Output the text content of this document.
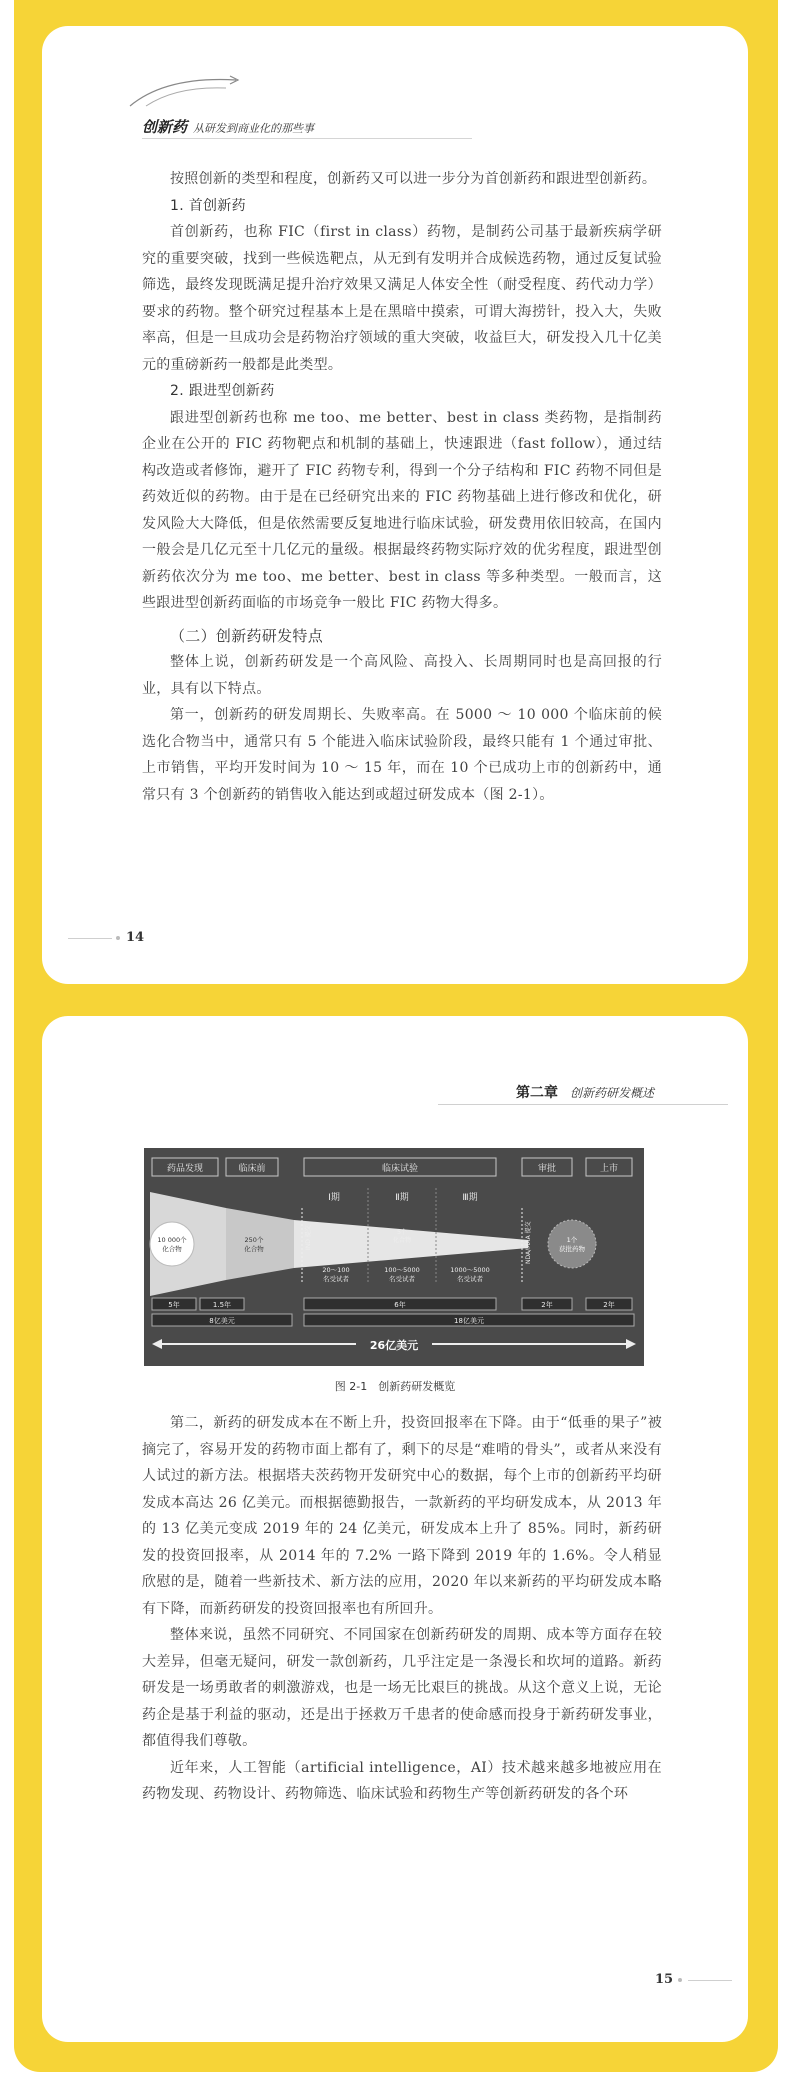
创新药 从研发到商业化的那些事

按照创新的类型和程度，创新药又可以进一步分为首创新药和跟进型创新药。

1. 首创新药

首创新药，也称 FIC（first in class）药物，是制药公司基于最新疾病学研究的重要突破，找到一些候选靶点，从无到有发明并合成候选药物，通过反复试验筛选，最终发现既满足提升治疗效果又满足人体安全性（耐受程度、药代动力学）要求的药物。整个研究过程基本上是在黑暗中摸索，可谓大海捞针，投入大，失败率高，但是一旦成功会是药物治疗领域的重大突破，收益巨大，研发投入几十亿美元的重磅新药一般都是此类型。

2. 跟进型创新药

跟进型创新药也称 me too、me better、best in class 类药物，是指制药企业在公开的 FIC 药物靶点和机制的基础上，快速跟进（fast follow），通过结构改造或者修饰，避开了 FIC 药物专利，得到一个分子结构和 FIC 药物不同但是药效近似的药物。由于是在已经研究出来的 FIC 药物基础上进行修改和优化，研发风险大大降低，但是依然需要反复地进行临床试验，研发费用依旧较高，在国内一般会是几亿元至十几亿元的量级。根据最终药物实际疗效的优劣程度，跟进型创新药依次分为 me too、me better、best in class 等多种类型。一般而言，这些跟进型创新药面临的市场竞争一般比 FIC 药物大得多。

（二）创新药研发特点

整体上说，创新药研发是一个高风险、高投入、长周期同时也是高回报的行业，具有以下特点。

第一，创新药的研发周期长、失败率高。在 5000 ～ 10 000 个临床前的候选化合物当中，通常只有 5 个能进入临床试验阶段，最终只能有 1 个通过审批、上市销售，平均开发时间为 10 ～ 15 年，而在 10 个已成功上市的创新药中，通常只有 3 个创新药的销售收入能达到或超过研发成本（图 2-1）。

14
第二章 创新药研发概述
药品发现	临床前	临床试验	审批	上市
10 000个
化合物
250个
化合物	IND 提交	NDA/MAA 提交
Ⅰ期	Ⅱ期	Ⅲ期
5个
化合物
20～100
名受试者
100～5000
名受试者
1000～5000
名受试者
1个
获批药物
5年	1.5年	6年	2年	2年
8亿美元	18亿美元
26亿美元
图 2-1　创新药研发概览

第二，新药的研发成本在不断上升，投资回报率在下降。由于“低垂的果子”被摘完了，容易开发的药物市面上都有了，剩下的尽是“难啃的骨头”，或者从来没有人试过的新方法。根据塔夫茨药物开发研究中心的数据，每个上市的创新药平均研发成本高达 26 亿美元。而根据德勤报告，一款新药的平均研发成本，从 2013 年的 13 亿美元变成 2019 年的 24 亿美元，研发成本上升了 85%。同时，新药研发的投资回报率，从 2014 年的 7.2% 一路下降到 2019 年的 1.6%。令人稍显欣慰的是，随着一些新技术、新方法的应用，2020 年以来新药的平均研发成本略有下降，而新药研发的投资回报率也有所回升。

整体来说，虽然不同研究、不同国家在创新药研发的周期、成本等方面存在较大差异，但毫无疑问，研发一款创新药，几乎注定是一条漫长和坎坷的道路。新药研发是一场勇敢者的刺激游戏，也是一场无比艰巨的挑战。从这个意义上说，无论药企是基于利益的驱动，还是出于拯救万千患者的使命感而投身于新药研发事业，都值得我们尊敬。

近年来，人工智能（artificial intelligence，AI）技术越来越多地被应用在药物发现、药物设计、药物筛选、临床试验和药物生产等创新药研发的各个环

15
